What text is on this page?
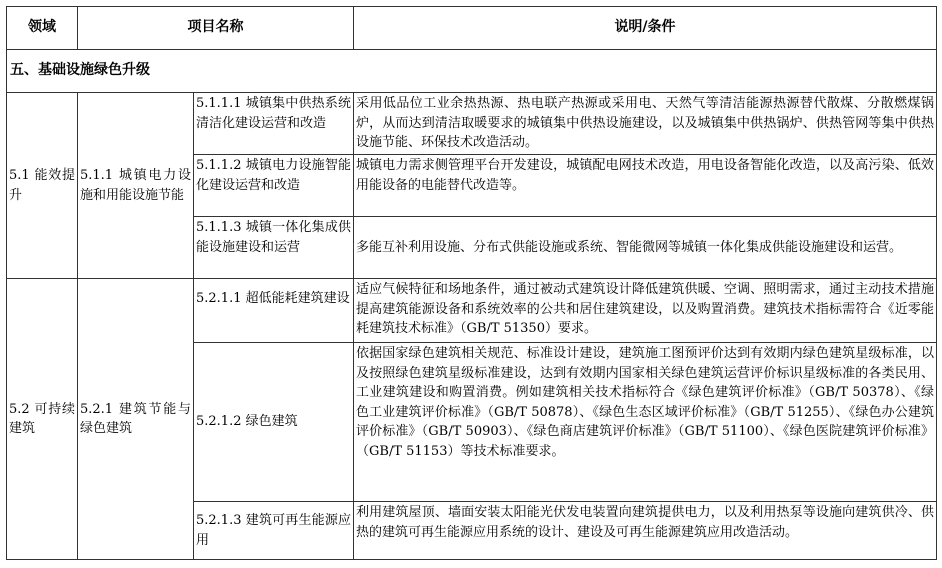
领域	项目名称		说明/条件
五、基础设施绿色升级			
5.1 能效提升	5.1.1 城镇电力设施和用能设施节能	5.1.1.1 城镇集中供热系统清洁化建设运营和改造	采用低品位工业余热热源、热电联产热源或采用电、天然气等清洁能源热源替代散煤、分散燃煤锅炉，从而达到清洁取暖要求的城镇集中供热设施建设，以及城镇集中供热锅炉、供热管网等集中供热设施节能、环保技术改造活动。
		5.1.1.2 城镇电力设施智能化建设运营和改造	城镇电力需求侧管理平台开发建设，城镇配电网技术改造，用电设备智能化改造，以及高污染、低效用能设备的电能替代改造等。
		5.1.1.3 城镇一体化集成供能设施建设和运营	多能互补利用设施、分布式供能设施或系统、智能微网等城镇一体化集成供能设施建设和运营。
5.2 可持续建筑	5.2.1 建筑节能与绿色建筑	5.2.1.1 超低能耗建筑建设	适应气候特征和场地条件，通过被动式建筑设计降低建筑供暖、空调、照明需求，通过主动技术措施提高建筑能源设备和系统效率的公共和居住建筑建设，以及购置消费。建筑技术指标需符合《近零能耗建筑技术标准》（GB/T 51350）要求。
		5.2.1.2 绿色建筑	依据国家绿色建筑相关规范、标准设计建设，建筑施工图预评价达到有效期内绿色建筑星级标准，以及按照绿色建筑星级标准建设，达到有效期内国家相关绿色建筑运营评价标识星级标准的各类民用、工业建筑建设和购置消费。例如建筑相关技术指标符合《绿色建筑评价标准》（GB/T 50378）、《绿色工业建筑评价标准》（GB/T 50878）、《绿色生态区域评价标准》（GB/T 51255）、《绿色办公建筑评价标准》（GB/T 50903）、《绿色商店建筑评价标准》（GB/T 51100）、《绿色医院建筑评价标准》（GB/T 51153）等技术标准要求。
		5.2.1.3 建筑可再生能源应用	利用建筑屋顶、墙面安装太阳能光伏发电装置向建筑提供电力，以及利用热泵等设施向建筑供冷、供热的建筑可再生能源应用系统的设计、建设及可再生能源建筑应用改造活动。
